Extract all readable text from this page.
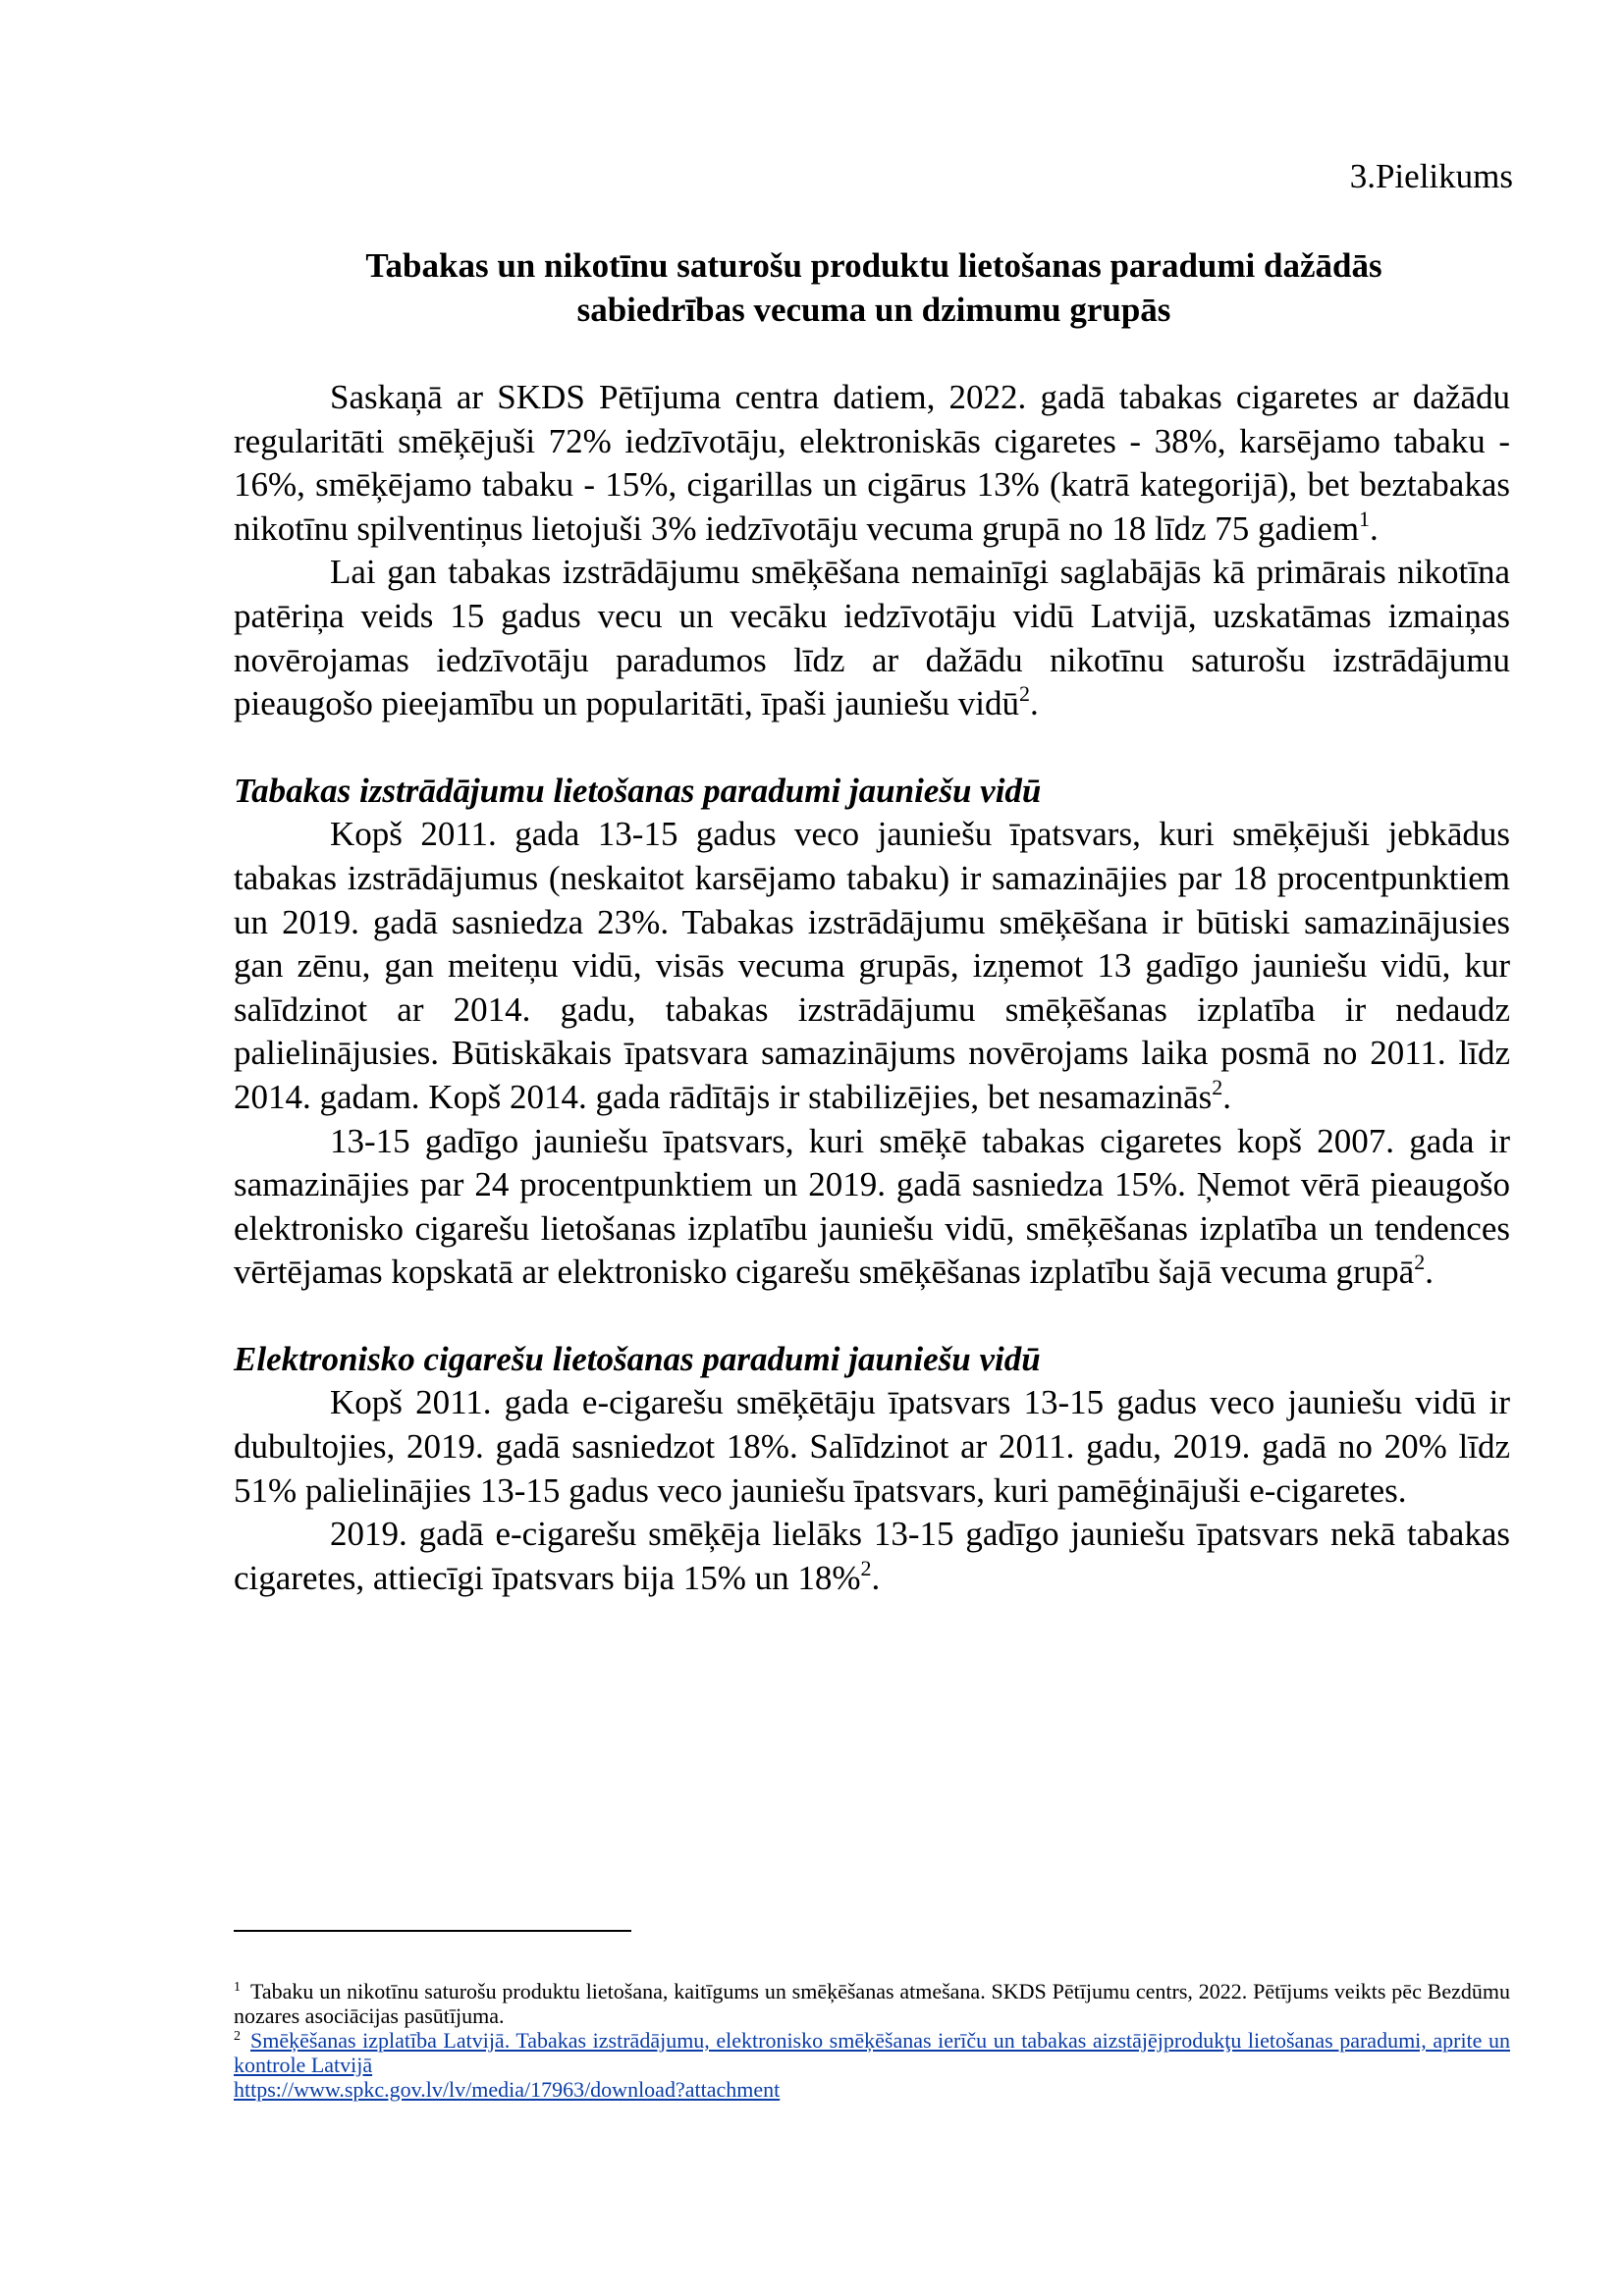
3.Pielikums
Tabakas un nikotīnu saturošu produktu lietošanas paradumi dažādās
sabiedrības vecuma un dzimumu grupās

Saskaņā ar SKDS Pētījuma centra datiem, 2022. gadā tabakas cigaretes ar dažādu regularitāti smēķējuši 72% iedzīvotāju, elektroniskās cigaretes - 38%, karsējamo tabaku - 16%, smēķējamo tabaku - 15%, cigarillas un cigārus 13% (katrā kategorijā), bet beztabakas nikotīnu spilventiņus lietojuši 3% iedzīvotāju vecuma grupā no 18 līdz 75 gadiem$^1$.

Lai gan tabakas izstrādājumu smēķēšana nemainīgi saglabājās kā primārais nikotīna patēriņa veids 15 gadus vecu un vecāku iedzīvotāju vidū Latvijā, uzskatāmas izmaiņas novērojamas iedzīvotāju paradumos līdz ar dažādu nikotīnu saturošu izstrādājumu pieaugošo pieejamību un popularitāti, īpaši jauniešu vidū$^2$.

Tabakas izstrādājumu lietošanas paradumi jauniešu vidū

Kopš 2011. gada 13-15 gadus veco jauniešu īpatsvars, kuri smēķējuši jebkādus tabakas izstrādājumus (neskaitot karsējamo tabaku) ir samazinājies par 18 procentpunktiem un 2019. gadā sasniedza 23%. Tabakas izstrādājumu smēķēšana ir būtiski samazinājusies gan zēnu, gan meiteņu vidū, visās vecuma grupās, izņemot 13 gadīgo jauniešu vidū, kur salīdzinot ar 2014. gadu, tabakas izstrādājumu smēķēšanas izplatība ir nedaudz palielinājusies. Būtiskākais īpatsvara samazinājums novērojams laika posmā no 2011. līdz 2014. gadam. Kopš 2014. gada rādītājs ir stabilizējies, bet nesamazinās$^2$.

13-15 gadīgo jauniešu īpatsvars, kuri smēķē tabakas cigaretes kopš 2007. gada ir samazinājies par 24 procentpunktiem un 2019. gadā sasniedza 15%. Ņemot vērā pieaugošo elektronisko cigarešu lietošanas izplatību jauniešu vidū, smēķēšanas izplatība un tendences vērtējamas kopskatā ar elektronisko cigarešu smēķēšanas izplatību šajā vecuma grupā$^2$.

Elektronisko cigarešu lietošanas paradumi jauniešu vidū

Kopš 2011. gada e-cigarešu smēķētāju īpatsvars 13-15 gadus veco jauniešu vidū ir dubultojies, 2019. gadā sasniedzot 18%. Salīdzinot ar 2011. gadu, 2019. gadā no 20% līdz 51% palielinājies 13-15 gadus veco jauniešu īpatsvars, kuri pamēģinājuši e-cigaretes.

2019. gadā e-cigarešu smēķēja lielāks 13-15 gadīgo jauniešu īpatsvars nekā tabakas cigaretes, attiecīgi īpatsvars bija 15% un 18%$^2$.

$^1$ Tabaku un nikotīnu saturošu produktu lietošana, kaitīgums un smēķēšanas atmešana. SKDS Pētījumu centrs, 2022. Pētījums veikts pēc Bezdūmu nozares asociācijas pasūtījuma.

$^2$ Smēķēšanas izplatība Latvijā. Tabakas izstrādājumu, elektronisko smēķēšanas ierīču un tabakas aizstājējprodukţu lietošanas paradumi, aprite un kontrole Latvijā
https://www.spkc.gov.lv/lv/media/17963/download?attachment
